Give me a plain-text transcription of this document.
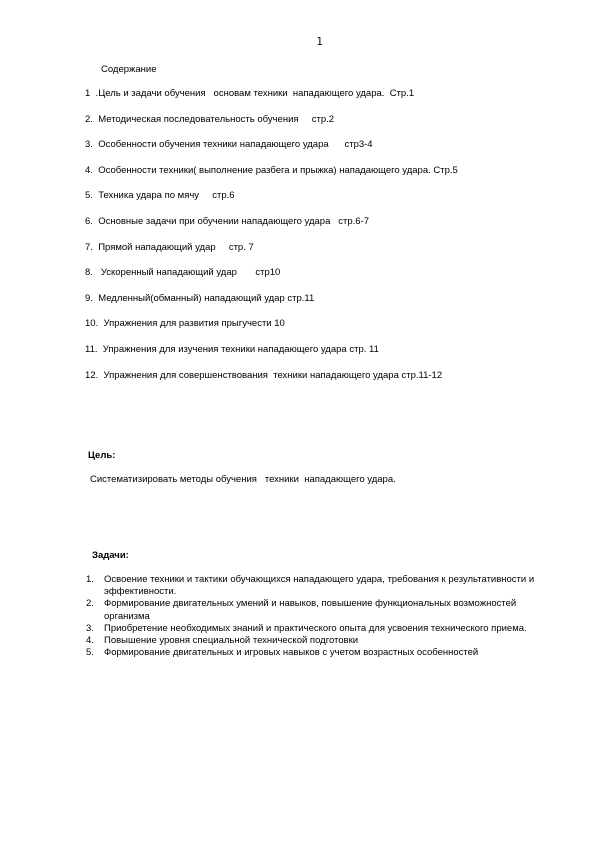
1
Содержание
1  .Цель и задачи обучения   основам техники  нападающего удара.  Стр.1
2.  Методическая последовательность обучения     стр.2
3.  Особенности обучения техники нападающего удара      стр3-4
4.  Особенности техники( выполнение разбега и прыжка) нападающего удара. Стр.5
5.  Техника удара по мячу     стр.6
6.  Основные задачи при обучении нападающего удара   стр.6-7
7.  Прямой нападающий удар     стр. 7
8.   Ускоренный нападающий удар       стр10
9.  Медленный(обманный) нападающий удар стр.11
10.  Упражнения для развития прыгучести 10
11.  Упражнения для изучения техники нападающего удара стр. 11
12.  Упражнения для совершенствования  техники нападающего удара стр.11-12
Цель:
Систематизировать методы обучения   техники  нападающего удара.
Задачи:
1. Освоение техники и тактики обучающихся нападающего удара, требования к результативности и эффективности.
2. Формирование двигательных умений и навыков, повышение функциональных возможностей организма
3. Приобретение необходимых знаний и практического опыта для усвоения технического приема.
4. Повышение уровня специальной технической подготовки
5. Формирование двигательных и игровых навыков с учетом возрастных особенностей
